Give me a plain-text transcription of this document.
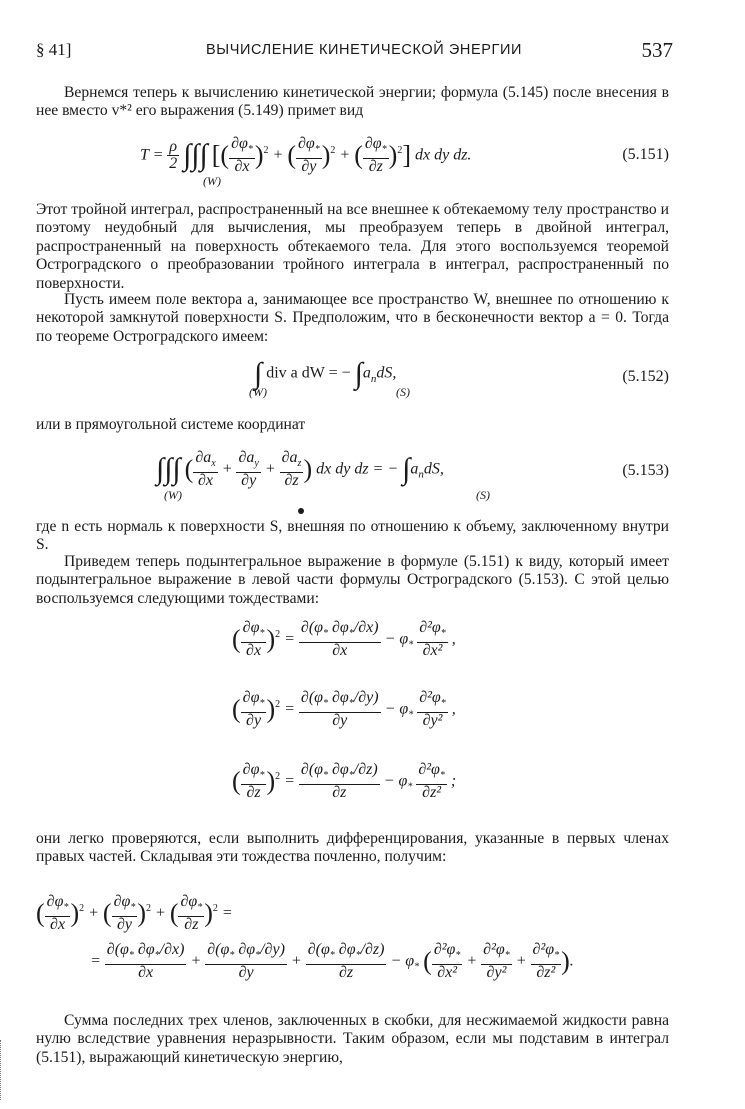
§ 41]	ВЫЧИСЛЕНИЕ КИНЕТИЧЕСКОЙ ЭНЕРГИИ	537
Вернемся теперь к вычислению кинетической энергии; формула (5.145) после внесения в нее вместо v*² его выражения (5.149) примет вид
$T = \frac{\rho}{2}$ ∫∫∫ [( $\frac{\partial\varphi_*}{\partial x} )^2$ + ( $\frac{\partial\varphi_*}{\partial y} )^2$ + ( $\frac{\partial\varphi_*}{\partial z} )^2$] dx dy dz.
(W)
(5.151)
Этот тройной интеграл, распространенный на все внешнее к обтекаемому телу пространство и поэтому неудобный для вычисления, мы преобразуем теперь в двойной интеграл, распространенный на поверхность обтекаемого тела. Для этого воспользуемся теоремой Остроградского о преобразовании тройного интеграла в интеграл, распространенный по поверхности.
Пусть имеем поле вектора a, занимающее все пространство W, внешнее по отношению к некоторой замкнутой поверхности S. Предположим, что в бесконечности вектор a = 0. Тогда по теореме Остроградского имеем:
∫ div a dW = − $\int a_ndS$,
(W)	(S)
(5.152)
или в прямоугольной системе координат
∫∫∫ ( $\frac{\partial a_x}{\partial x} + \frac{\partial a_y}{\partial y} + \frac{\partial a_z}{\partial z}$ ) dx dy dz = − $\int a_ndS$,
(W)	(S)
(5.153)
где n есть нормаль к поверхности S, внешняя по отношению к объему, заключенному внутри S.
Приведем теперь подынтегральное выражение в формуле (5.151) к виду, который имеет подынтегральное выражение в левой части формулы Остроградского (5.153). С этой целью воспользуемся следующими тождествами:
( $\frac{\partial\varphi_*}{\partial x} )^2 = \frac{\partial(\varphi_* \partial\varphi_*/\partial x)}{\partial x} - \varphi_* \frac{\partial^2\varphi_*}{\text{∂x²}}$ ,
( $\frac{\partial\varphi_*}{\partial y} )^2 = \frac{\partial(\varphi_* \partial\varphi_*/\partial y)}{\partial y} - \varphi_* \frac{\partial^2\varphi_*}{\text{∂y²}}$ ,
( $\frac{\partial\varphi_*}{\partial z} )^2 = \frac{\partial(\varphi_* \partial\varphi_*/\partial z)}{\partial z} - \varphi_* \frac{\partial^2\varphi_*}{\text{∂z²}}$ ;
они легко проверяются, если выполнить дифференцирования, указанные в первых членах правых частей. Складывая эти тождества почленно, получим:
( $\frac{\partial\varphi_*}{\partial x} )^2$ + ( $\frac{\partial\varphi_*}{\partial y} )^2$ + ( $\frac{\partial\varphi_*}{\partial z} )^2$ =
= $\frac{\partial(\varphi_* \partial\varphi_*/\partial x)}{\partial x} + \frac{\partial(\varphi_* \partial\varphi_*/\partial y)}{\partial y} + \frac{\partial(\varphi_* \partial\varphi_*/\partial z)}{\partial z} - \varphi_*$ ( $\frac{\partial^2\varphi_*}{\text{∂x²}} + \frac{\partial^2\varphi_*}{\text{∂y²}} + \frac{\partial^2\varphi_*}{\text{∂z²}}$ ).
Сумма последних трех членов, заключенных в скобки, для несжимаемой жидкости равна нулю вследствие уравнения неразрывности. Таким образом, если мы подставим в интеграл (5.151), выражающий кинетическую энергию,
